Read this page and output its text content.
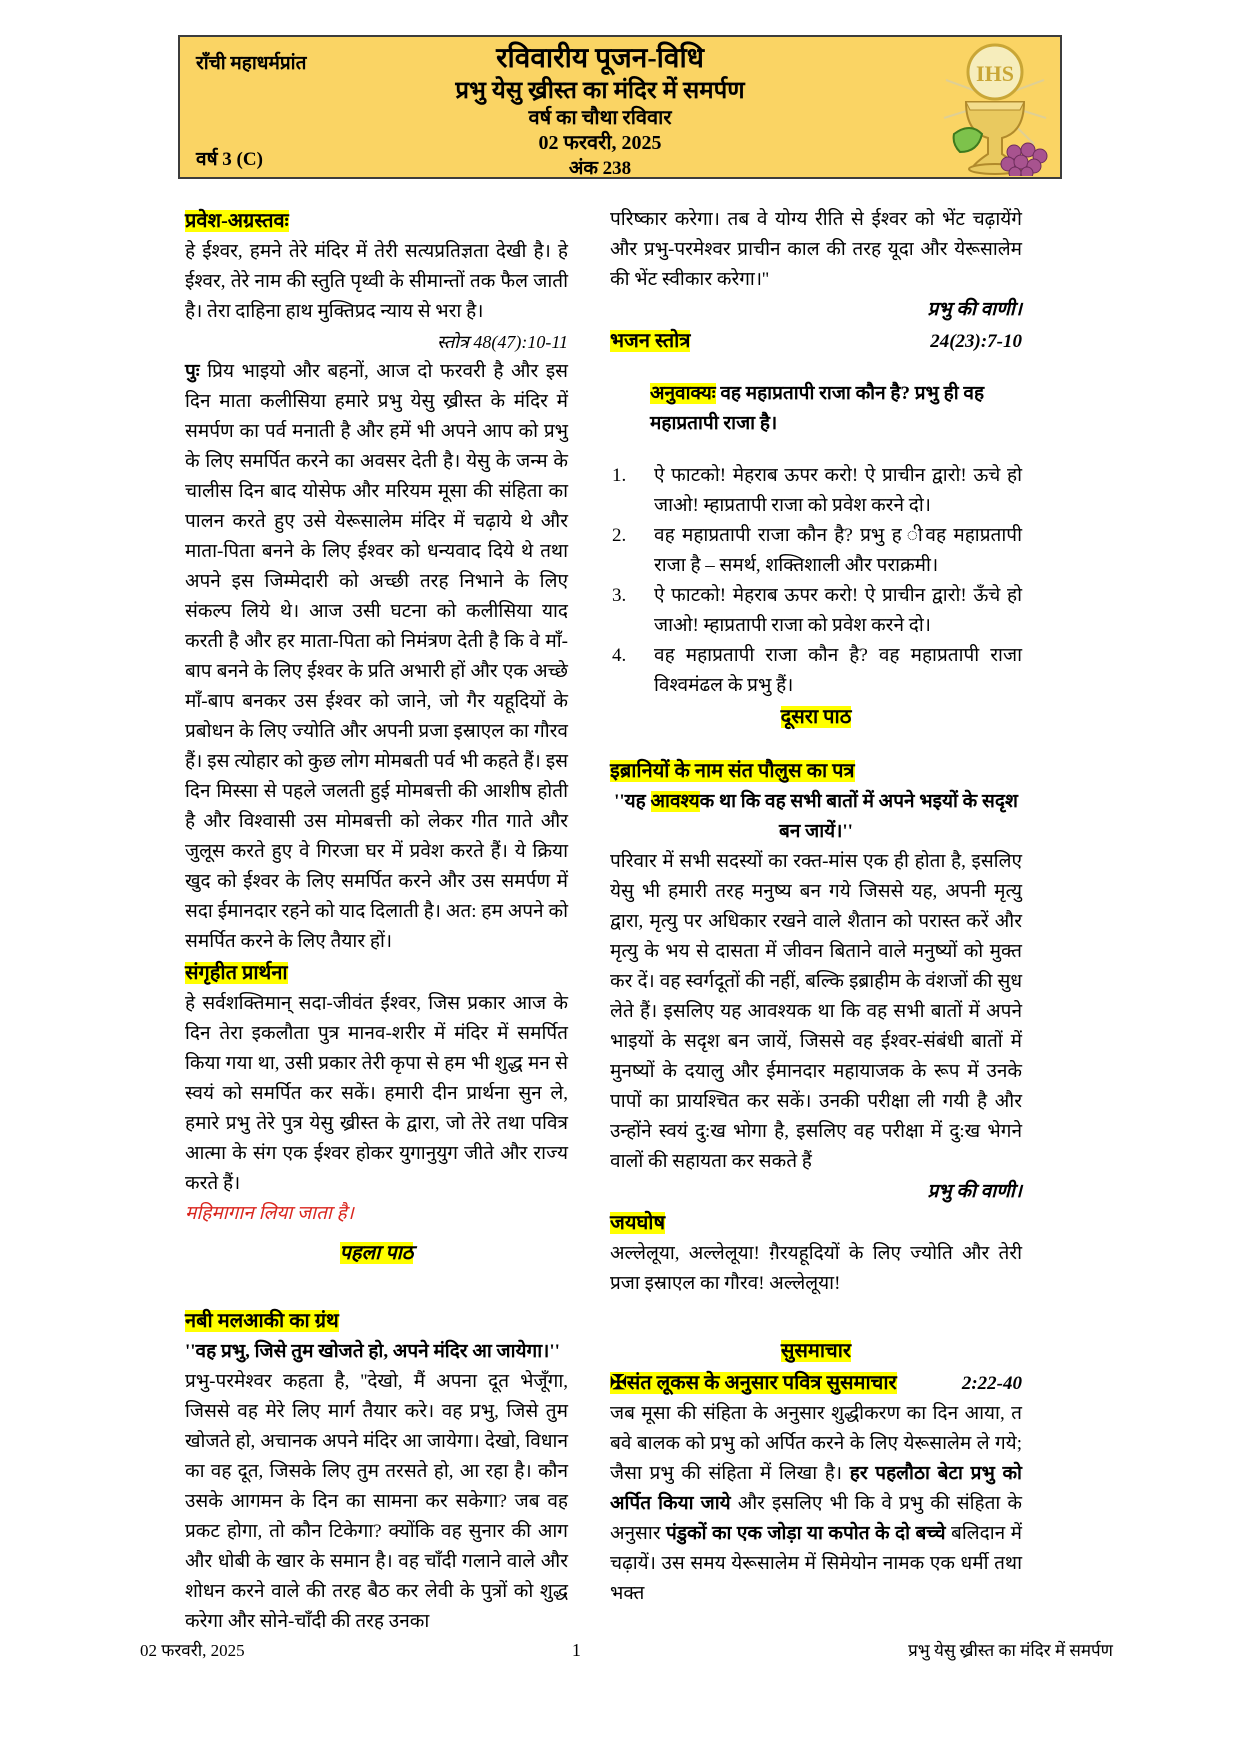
राँची महाधर्मप्रांत	रविवारीय पूजन-विधि
प्रभु येसु ख्रीस्त का मंदिर में समर्पण
वर्ष का चौथा रविवार
02 फरवरी, 2025
अंक 238
वर्ष 3 (C)
IHS
प्रवेश-अग्रस्तवः
हे ईश्वर, हमने तेरे मंदिर में तेरी सत्यप्रतिज्ञता देखी है। हे ईश्वर, तेरे नाम की स्तुति पृथ्वी के सीमान्तों तक फैल जाती है। तेरा दाहिना हाथ मुक्तिप्रद न्याय से भरा है।
स्तोत्र 48(47):10-11
पुः प्रिय भाइयो और बहनों, आज दो फरवरी है और इस दिन माता कलीसिया हमारे प्रभु येसु ख्रीस्त के मंदिर में समर्पण का पर्व मनाती है और हमें भी अपने आप को प्रभु के लिए समर्पित करने का अवसर देती है। येसु के जन्म के चालीस दिन बाद योसेफ और मरियम मूसा की संहिता का पालन करते हुए उसे येरूसालेम मंदिर में चढ़ाये थे और माता-पिता बनने के लिए ईश्वर को धन्यवाद दिये थे तथा अपने इस जिम्मेदारी को अच्छी तरह निभाने के लिए संकल्प लिये थे। आज उसी घटना को कलीसिया याद करती है और हर माता-पिता को निमंत्रण देती है कि वे माँ-बाप बनने के लिए ईश्वर के प्रति अभारी हों और एक अच्छे माँ-बाप बनकर उस ईश्वर को जाने, जो गैर यहूदियों के प्रबोधन के लिए ज्योति और अपनी प्रजा इस्राएल का गौरव हैं। इस त्योहार को कुछ लोग मोमबती पर्व भी कहते हैं। इस दिन मिस्सा से पहले जलती हुई मोमबत्ती की आशीष होती है और विश्वासी उस मोमबत्ती को लेकर गीत गाते और जुलूस करते हुए वे गिरजा घर में प्रवेश करते हैं। ये क्रिया खुद को ईश्वर के लिए समर्पित करने और उस समर्पण में सदा ईमानदार रहने को याद दिलाती है। अत: हम अपने को समर्पित करने के लिए तैयार हों।
संगृहीत प्रार्थना
हे सर्वशक्तिमान् सदा-जीवंत ईश्वर, जिस प्रकार आज के दिन तेरा इकलौता पुत्र मानव-शरीर में मंदिर में समर्पित किया गया था, उसी प्रकार तेरी कृपा से हम भी शुद्ध मन से स्वयं को समर्पित कर सकें। हमारी दीन प्रार्थना सुन ले, हमारे प्रभु तेरे पुत्र येसु ख्रीस्त के द्वारा, जो तेरे तथा पवित्र आत्मा के संग एक ईश्वर होकर युगानुयुग जीते और राज्य करते हैं।
महिमागान लिया जाता है।
पहला पाठ
नबी मलआकी का ग्रंथ
''वह प्रभु, जिसे तुम खोजते हो, अपने मंदिर आ जायेगा।''
प्रभु-परमेश्वर कहता है, ''देखो, मैं अपना दूत भेजूँगा, जिससे वह मेरे लिए मार्ग तैयार करे। वह प्रभु, जिसे तुम खोजते हो, अचानक अपने मंदिर आ जायेगा। देखो, विधान का वह दूत, जिसके लिए तुम तरसते हो, आ रहा है। कौन उसके आगमन के दिन का सामना कर सकेगा? जब वह प्रकट होगा, तो कौन टिकेगा? क्योंकि वह सुनार की आग और धोबी के खार के समान है। वह चाँदी गलाने वाले और शोधन करने वाले की तरह बैठ कर लेवी के पुत्रों को शुद्ध करेगा और सोने-चाँदी की तरह उनका
परिष्कार करेगा। तब वे योग्य रीति से ईश्वर को भेंट चढ़ायेंगे और प्रभु-परमेश्वर प्राचीन काल की तरह यूदा और येरूसालेम की भेंट स्वीकार करेगा।''
प्रभु की वाणी।
भजन स्तोत्र	24(23):7-10
अनुवाक्यः वह महाप्रतापी राजा कौन है? प्रभु ही वह महाप्रतापी राजा है।
ऐ फाटको! मेहराब ऊपर करो! ऐ प्राचीन द्वारो! ऊचे हो जाओ! म्हाप्रतापी राजा को प्रवेश करने दो।
वह महाप्रतापी राजा कौन है? प्रभु ह ीवह महाप्रतापी राजा है – समर्थ, शक्तिशाली और पराक्रमी।
ऐ फाटको! मेहराब ऊपर करो! ऐ प्राचीन द्वारो! ऊँचे हो जाओ! म्हाप्रतापी राजा को प्रवेश करने दो।
वह महाप्रतापी राजा कौन है? वह महाप्रतापी राजा विश्वमंढल के प्रभु हैं।
दूसरा पाठ
इब्रानियों के नाम संत पौलुस का पत्र
''यह आवश्यक था कि वह सभी बातों में अपने भइयों के सदृश बन जायें।''
परिवार में सभी सदस्यों का रक्त-मांस एक ही होता है, इसलिए येसु भी हमारी तरह मनुष्य बन गये जिससे यह, अपनी मृत्यु द्वारा, मृत्यु पर अधिकार रखने वाले शैतान को परास्त करें और मृत्यु के भय से दासता में जीवन बिताने वाले मनुष्यों को मुक्त कर दें। वह स्वर्गदूतों की नहीं, बल्कि इब्राहीम के वंशजों की सुध लेते हैं। इसलिए यह आवश्यक था कि वह सभी बातों में अपने भाइयों के सदृश बन जायें, जिससे वह ईश्वर-संबंधी बातों में मुनष्यों के दयालु और ईमानदार महायाजक के रूप में उनके पापों का प्रायश्चित कर सकें। उनकी परीक्षा ली गयी है और उन्होंने स्वयं दु:ख भोगा है, इसलिए वह परीक्षा में दु:ख भेगने वालों की सहायता कर सकते हैं
प्रभु की वाणी।
जयघोष
अल्लेलूया, अल्लेलूया! ग़ैरयहूदियों के लिए ज्योति और तेरी प्रजा इस्राएल का गौरव! अल्लेलूया!
सुसमाचार
✠संत लूकस के अनुसार पवित्र सुसमाचार	2:22-40
जब मूसा की संहिता के अनुसार शुद्धीकरण का दिन आया, त बवे बालक को प्रभु को अर्पित करने के लिए येरूसालेम ले गये; जैसा प्रभु की संहिता में लिखा है। हर पहलौठा बेटा प्रभु को अर्पित किया जाये और इसलिए भी कि वे प्रभु की संहिता के अनुसार पंडुकों का एक जोड़ा या कपोत के दो बच्चे बलिदान में चढ़ायें। उस समय येरूसालेम में सिमेयोन नामक एक धर्मी तथा भक्त
02 फरवरी, 2025	1	प्रभु येसु ख्रीस्त का मंदिर में समर्पण
